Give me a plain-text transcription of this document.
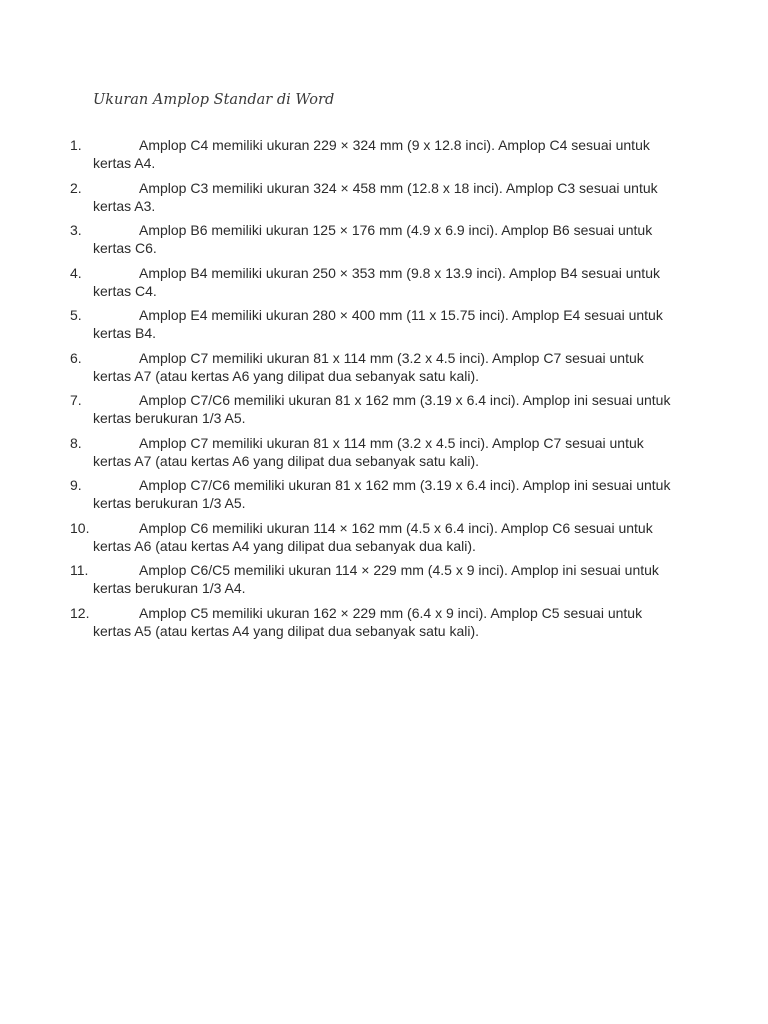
Ukuran Amplop Standar di Word
1.	Amplop C4 memiliki ukuran 229 × 324 mm (9 x 12.8 inci). Amplop C4 sesuai untuk kertas A4.
2.	Amplop C3 memiliki ukuran 324 × 458 mm (12.8 x 18 inci). Amplop C3 sesuai untuk kertas A3.
3.	Amplop B6 memiliki ukuran 125 × 176 mm (4.9 x 6.9 inci). Amplop B6 sesuai untuk kertas C6.
4.	Amplop B4 memiliki ukuran 250 × 353 mm (9.8 x 13.9 inci). Amplop B4 sesuai untuk kertas C4.
5.	Amplop E4 memiliki ukuran 280 × 400 mm (11 x 15.75 inci). Amplop E4 sesuai untuk kertas B4.
6.	Amplop C7 memiliki ukuran 81 x 114 mm (3.2 x 4.5 inci). Amplop C7 sesuai untuk kertas A7 (atau kertas A6 yang dilipat dua sebanyak satu kali).
7.	Amplop C7/C6 memiliki ukuran 81 x 162 mm (3.19 x 6.4 inci). Amplop ini sesuai untuk kertas berukuran 1/3 A5.
8.	Amplop C7 memiliki ukuran 81 x 114 mm (3.2 x 4.5 inci). Amplop C7 sesuai untuk kertas A7 (atau kertas A6 yang dilipat dua sebanyak satu kali).
9.	Amplop C7/C6 memiliki ukuran 81 x 162 mm (3.19 x 6.4 inci). Amplop ini sesuai untuk kertas berukuran 1/3 A5.
10.	Amplop C6 memiliki ukuran 114 × 162 mm (4.5 x 6.4 inci). Amplop C6 sesuai untuk kertas A6 (atau kertas A4 yang dilipat dua sebanyak dua kali).
11.	Amplop C6/C5 memiliki ukuran 114 × 229 mm (4.5 x 9 inci). Amplop ini sesuai untuk kertas berukuran 1/3 A4.
12.	Amplop C5 memiliki ukuran 162 × 229 mm (6.4 x 9 inci). Amplop C5 sesuai untuk kertas A5 (atau kertas A4 yang dilipat dua sebanyak satu kali).
